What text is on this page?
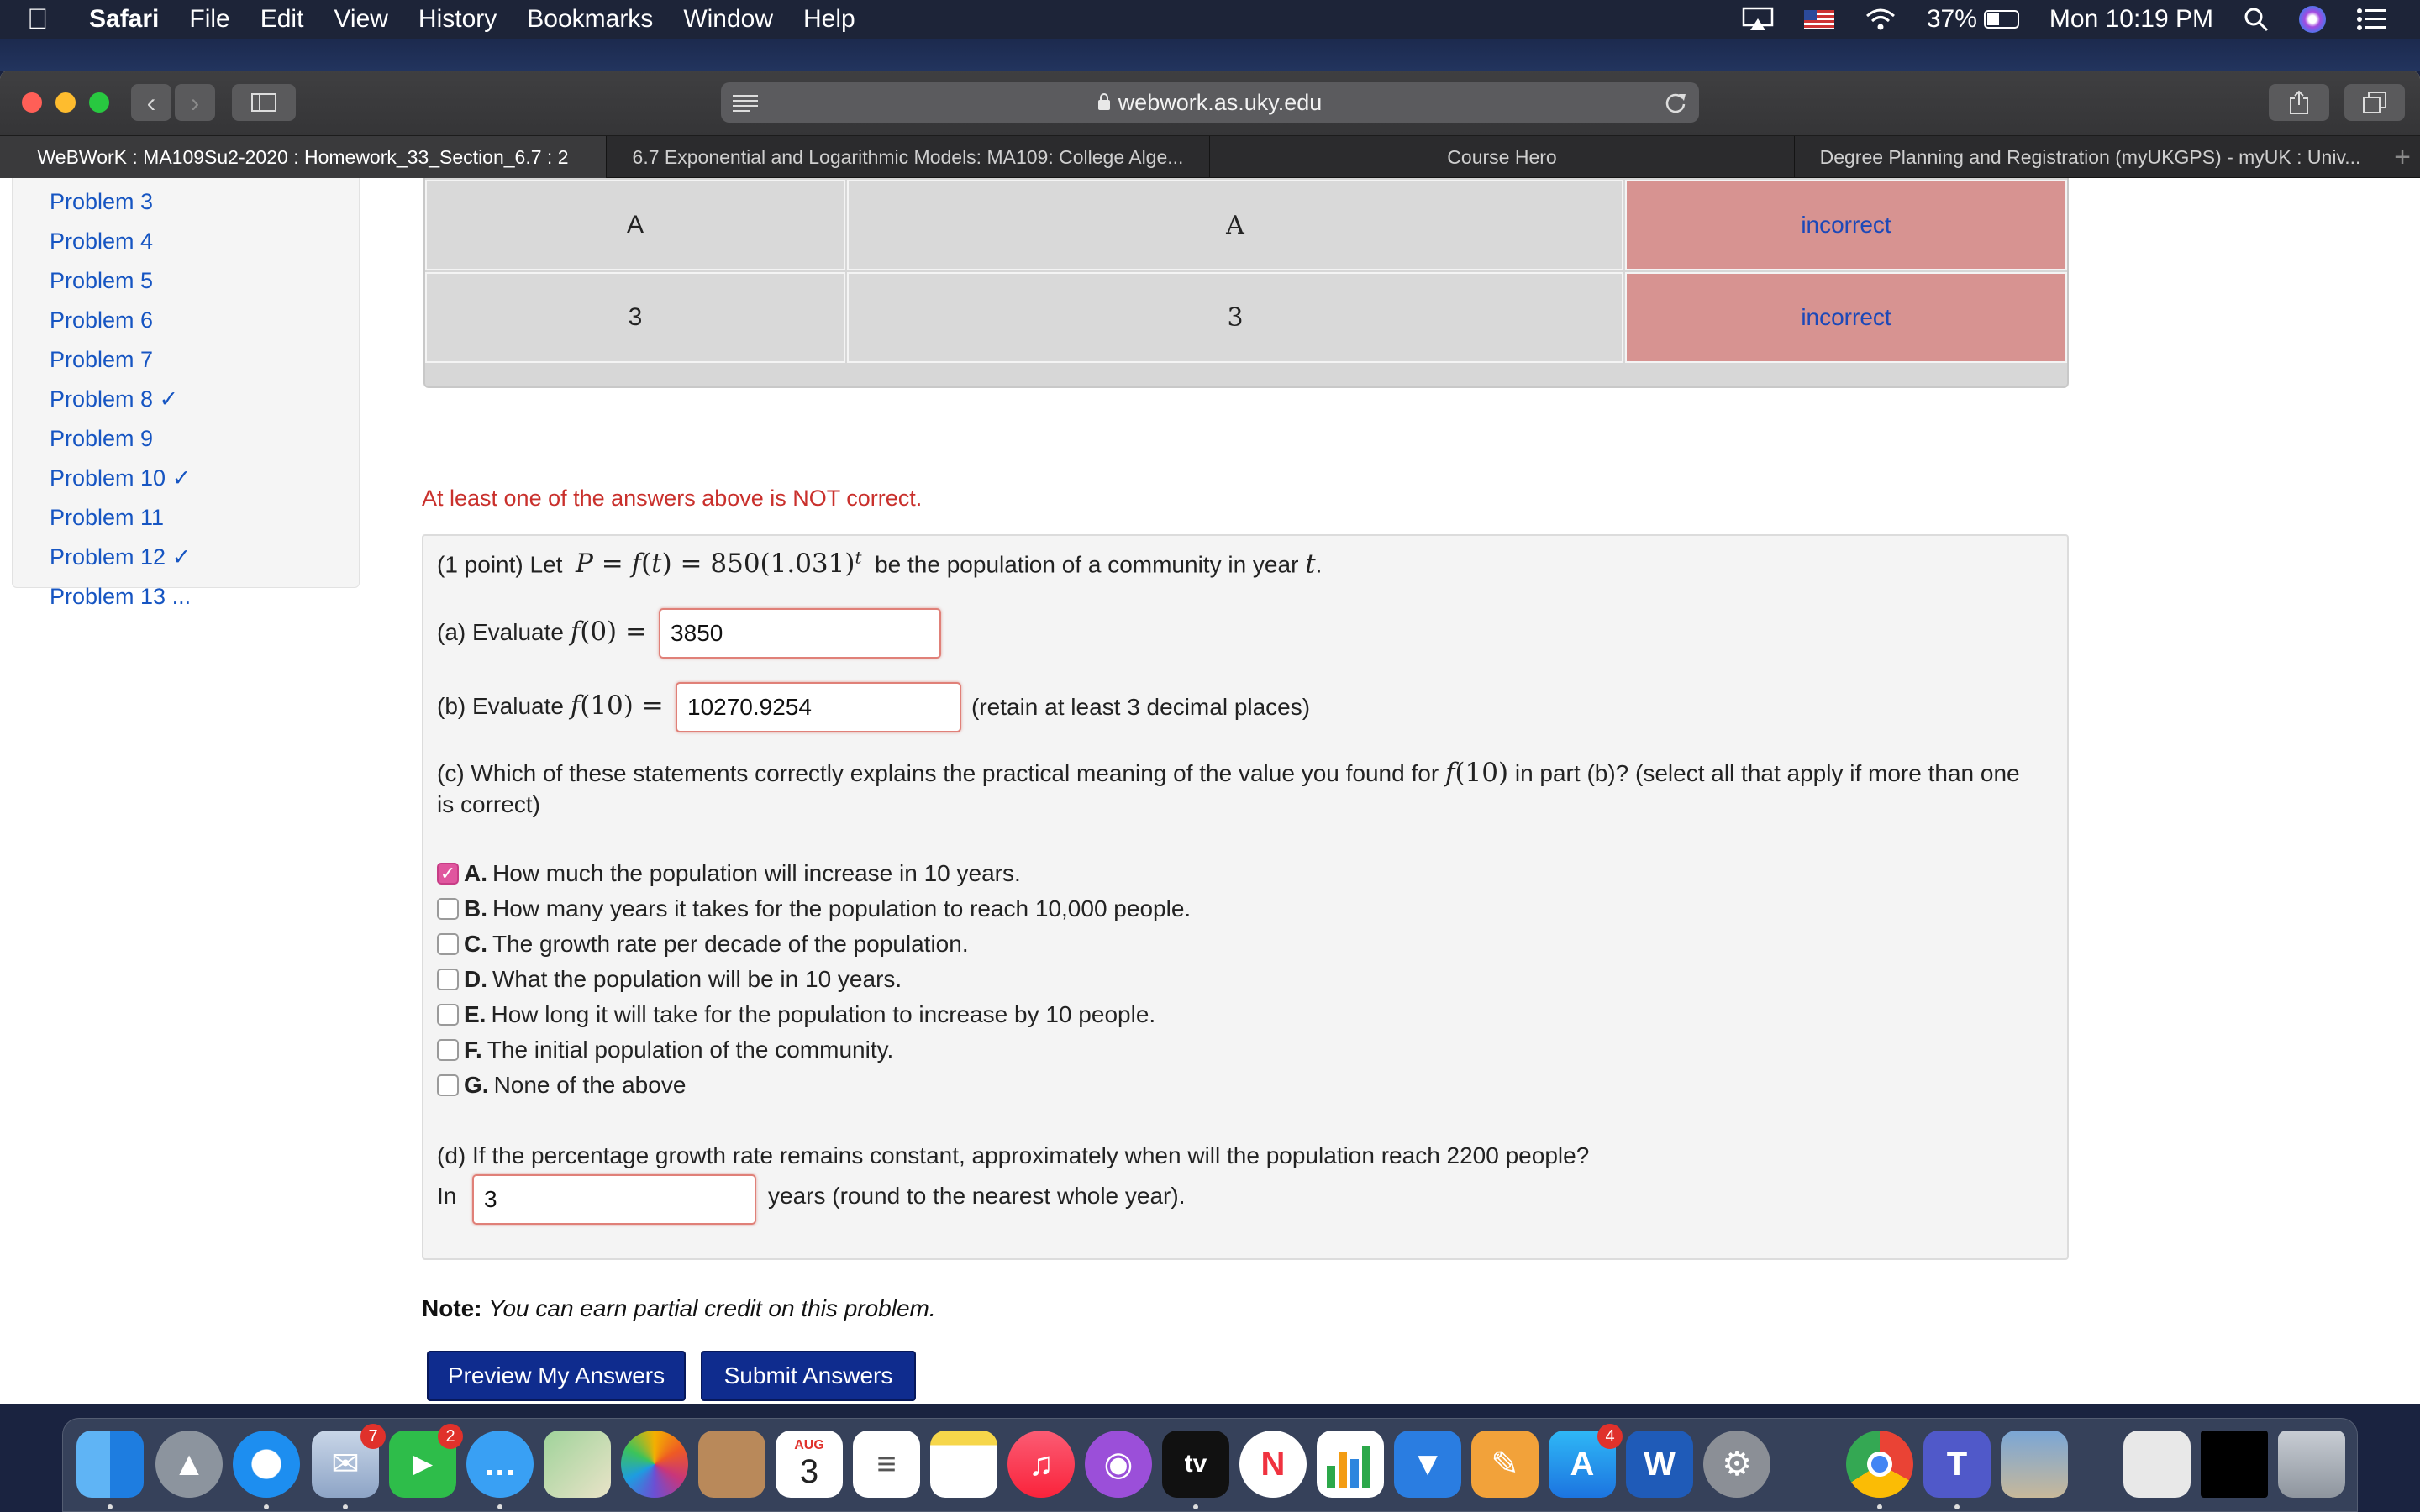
Safari	File	Edit	View	History	Bookmarks	Window	Help	37%	Mon 10:19 PM
‹ ›	webwork.as.uky.edu
WeBWorK : MA109Su2-2020 : Homework_33_Section_6.7 : 2	6.7 Exponential and Logarithmic Models: MA109: College Alge...	Course Hero	Degree Planning and Registration (myUKGPS) - myUK : Univ... +
Problem 3
Problem 4
Problem 5
Problem 6
Problem 7
Problem 8 ✓
Problem 9
Problem 10 ✓
Problem 11
Problem 12 ✓
Problem 13 ...
A	A	incorrect
3	3	incorrect
At least one of the answers above is NOT correct.
(1 point) Let $P = f(t) = 850(1.031)^t$ be the population of a community in year t.
(a) Evaluate f(0) =
3850
(b) Evaluate f(10) =
10270.9254	(retain at least 3 decimal places)
(c) Which of these statements correctly explains the practical meaning of the value you found for f(10) in part (b)? (select all that apply if more than one
is correct)
✓ A. How much the population will increase in 10 years.
B. How many years it takes for the population to reach 10,000 people.
C. The growth rate per decade of the population.
D. What the population will be in 10 years.
E. How long it will take for the population to increase by 10 people.
F. The initial population of the community.
G. None of the above
(d) If the percentage growth rate remains constant, approximately when will the population reach 2200 people?
In
3	years (round to the nearest whole year).
Note: You can earn partial credit on this problem.
Preview My Answers	Submit Answers
▲	✉
7
►
2
…
AUG
3	≡	♫	◉	tv	N	▼	✎	A
4
W	⚙	T
